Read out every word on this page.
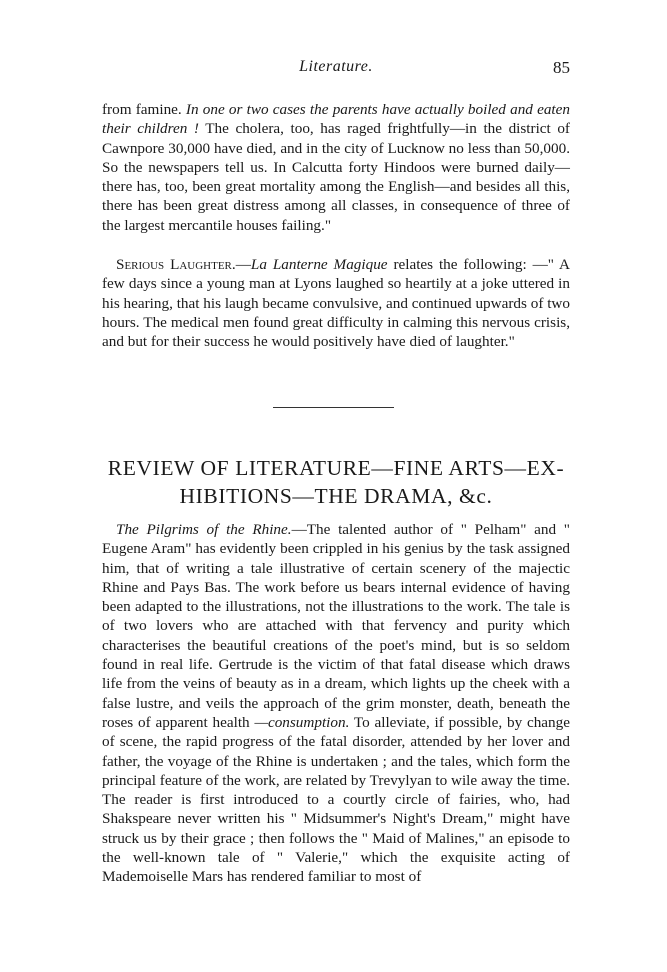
Literature.	85

from famine. In one or two cases the parents have actually boiled and eaten their children ! The cholera, too, has raged frightfully—in the district of Cawnpore 30,000 have died, and in the city of Lucknow no less than 50,000. So the newspapers tell us. In Calcutta forty Hindoos were burned daily—there has, too, been great mortality among the English—and besides all this, there has been great distress among all classes, in consequence of three of the largest mercantile houses failing."

Serious Laughter.—La Lanterne Magique relates the following: —" A few days since a young man at Lyons laughed so heartily at a joke uttered in his hearing, that his laugh became convulsive, and continued upwards of two hours. The medical men found great difficulty in calming this nervous crisis, and but for their success he would positively have died of laughter."

REVIEW OF LITERATURE—FINE ARTS—EX-
HIBITIONS—THE DRAMA, &c.

The Pilgrims of the Rhine.—The talented author of " Pelham" and " Eugene Aram" has evidently been crippled in his genius by the task assigned him, that of writing a tale illustrative of certain scenery of the majectic Rhine and Pays Bas. The work before us bears internal evidence of having been adapted to the illustrations, not the illustrations to the work. The tale is of two lovers who are attached with that fervency and purity which characterises the beautiful creations of the poet's mind, but is so seldom found in real life. Gertrude is the victim of that fatal disease which draws life from the veins of beauty as in a dream, which lights up the cheek with a false lustre, and veils the approach of the grim monster, death, beneath the roses of apparent health —consumption. To alleviate, if possible, by change of scene, the rapid progress of the fatal disorder, attended by her lover and father, the voyage of the Rhine is undertaken ; and the tales, which form the principal feature of the work, are related by Trevylyan to wile away the time. The reader is first introduced to a courtly circle of fairies, who, had Shakspeare never written his " Midsummer's Night's Dream," might have struck us by their grace ; then follows the " Maid of Malines," an episode to the well-known tale of " Valerie," which the exquisite acting of Mademoiselle Mars has rendered familiar to most of
